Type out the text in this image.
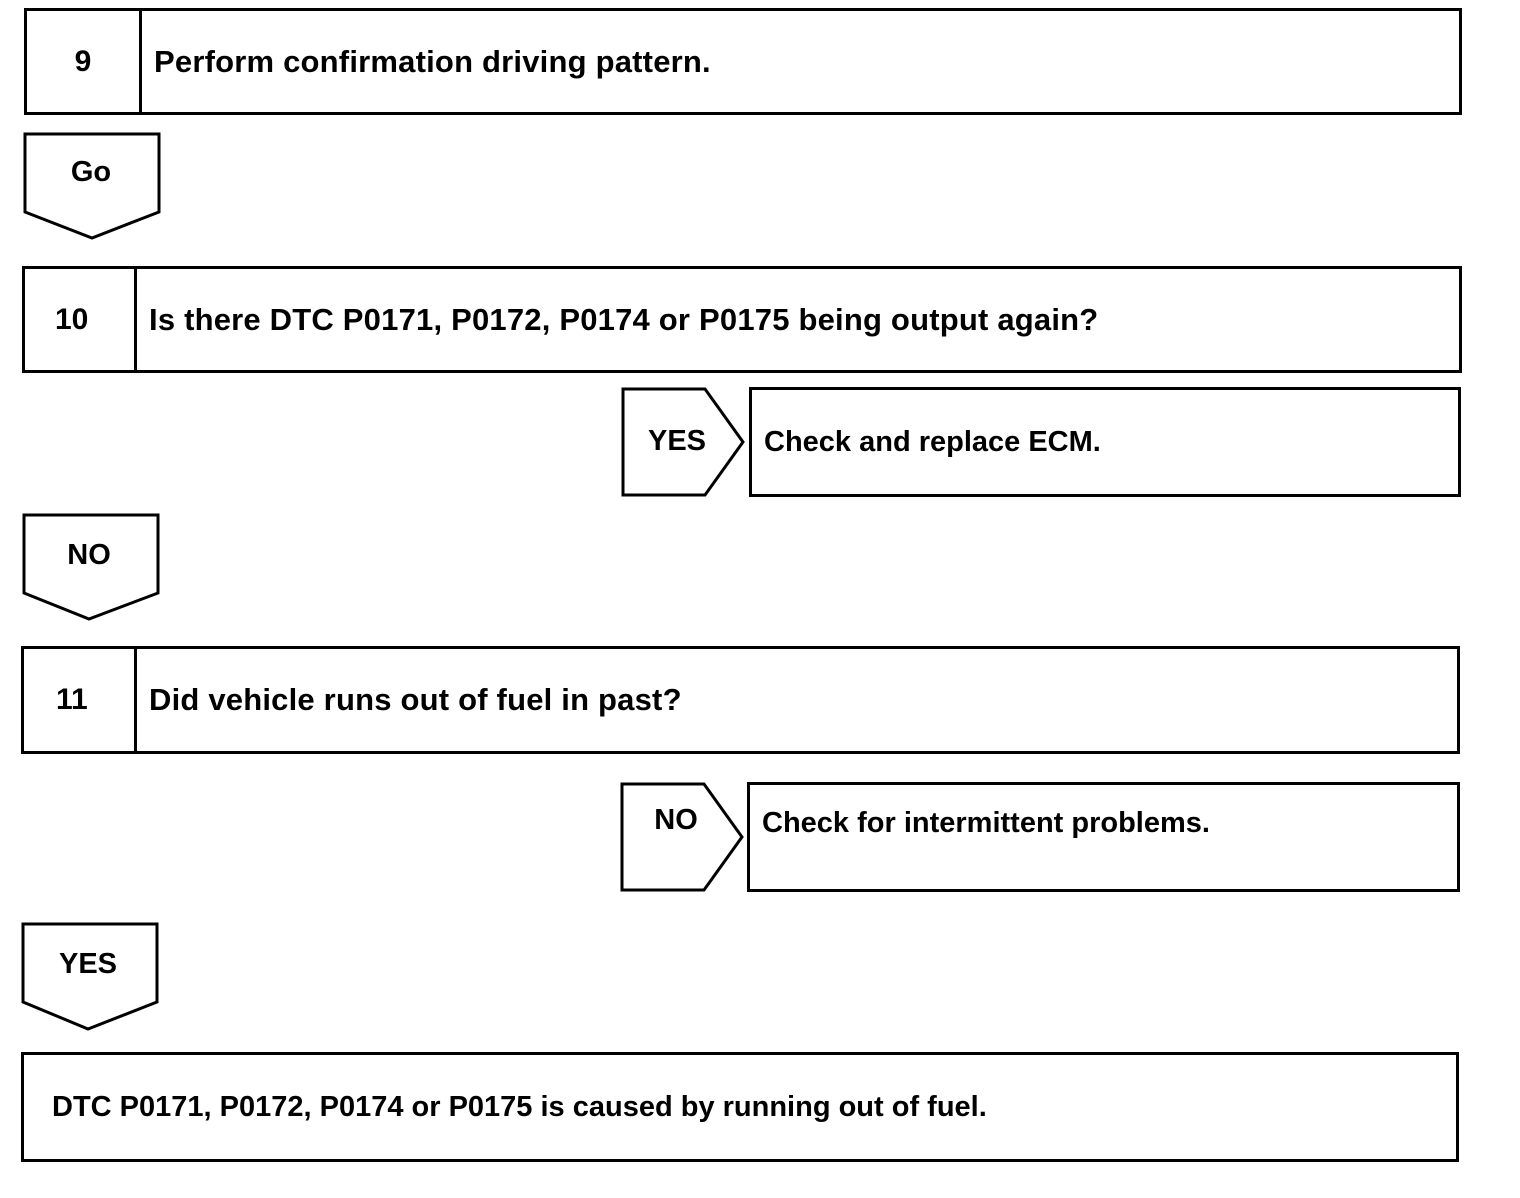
9	Perform confirmation driving pattern.
Go
10	Is there DTC P0171, P0172, P0174 or P0175 being output again?
YES	Check and replace ECM.
NO
11	Did vehicle runs out of fuel in past?
NO	Check for intermittent problems.
YES
DTC P0171, P0172, P0174 or P0175 is caused by running out of fuel.
